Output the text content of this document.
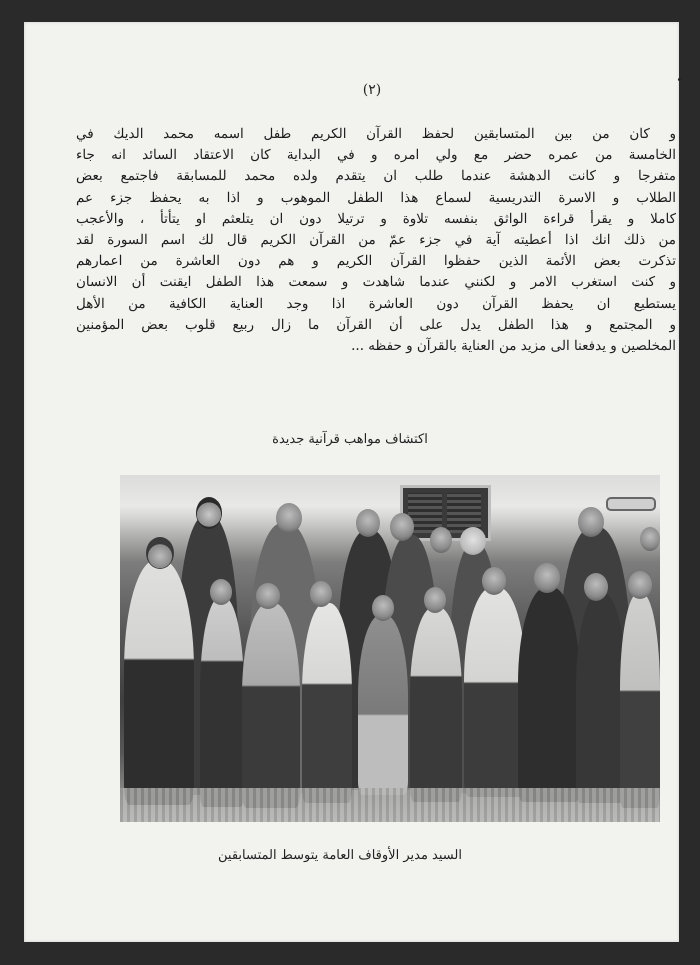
(٢)
و كان من بين المتسابقين لحفظ القرآن الكريم طفل اسمه محمد الديك في
الخامسة من عمره حضر مع ولي امره و في البداية كان الاعتقاد السائد انه جاء
متفرجا و كانت الدهشة عندما طلب ان يتقدم ولده محمد للمسابقة فاجتمع بعض
الطلاب و الاسرة التدريسية لسماع هذا الطفل الموهوب و اذا به يحفظ جزء عم
كاملا و يقرأ قراءة الواثق بنفسه تلاوة و ترتيلا دون ان يتلعثم او يتأتأ ، والأعجب
من ذلك انك اذا أعطيته آية في جزء عمّ من القرآن الكريم قال لك اسم السورة لقد
تذكرت بعض الأئمة الذين حفظوا القرآن الكريم و هم دون العاشرة من اعمارهم
و كنت استغرب الامر و لكنني عندما شاهدت و سمعت هذا الطفل ايقنت أن الانسان
يستطيع ان يحفظ القرآن دون العاشرة اذا وجد العناية الكافية من الأهل
و المجتمع و هذا الطفل يدل على أن القرآن ما زال ربيع قلوب بعض المؤمنين
المخلصين و يدفعنا الى مزيد من العناية بالقرآن و حفظه ...
اكتشاف مواهب قرآنية جديدة
السيد مدير الأوقاف العامة يتوسط المتسابقين
